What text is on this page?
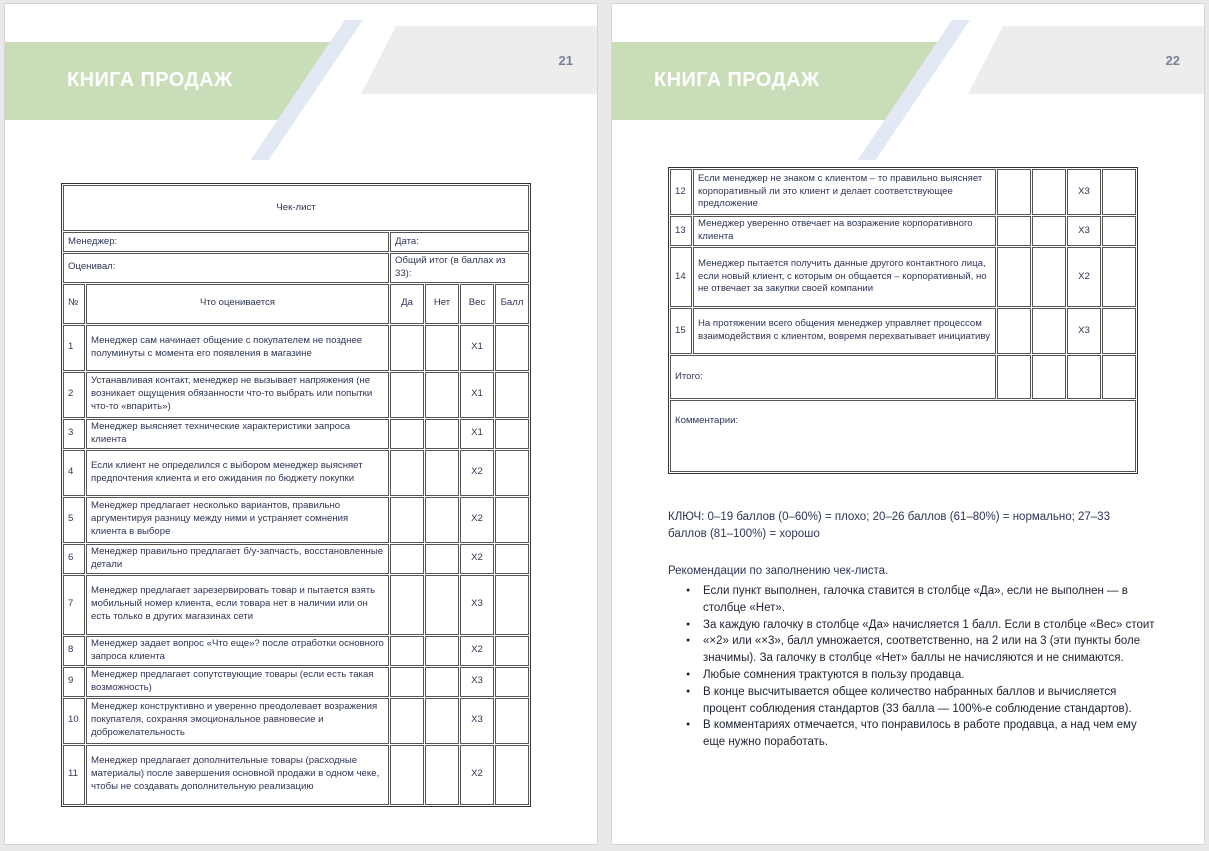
КНИГА ПРОДАЖ
21
Чек-лист					
Менеджер:		Дата:			
Оценивал:		Общий итог (в баллах из 33):			
№	Что оценивается	Да	Нет	Вес	Балл
1	Менеджер сам начинает общение с покупателем не позднее полуминуты с момента его появления в магазине			Х1	
2	Устанавливая контакт, менеджер не вызывает напряжения (не возникает ощущения обязанности что-то выбрать или попытки что-то «впарить»)			Х1	
3	Менеджер выясняет технические характеристики запроса клиента			Х1	
4	Если клиент не определился с выбором менеджер выясняет предпочтения клиента и его ожидания по бюджету покупки			Х2	
5	Менеджер предлагает несколько вариантов, правильно аргументируя разницу между ними и устраняет сомнения клиента в выборе			Х2	
6	Менеджер правильно предлагает б/у-запчасть, восстановленные детали			Х2	
7	Менеджер предлагает зарезервировать товар и пытается взять мобильный номер клиента, если товара нет в наличии или он есть только в других магазинах сети			Х3	
8	Менеджер задает вопрос «Что еще»? после отработки основного запроса клиента			Х2	
9	Менеджер предлагает сопутствующие товары (если есть такая возможность)			Х3	
10	Менеджер конструктивно и уверенно преодолевает возражения покупателя, сохраняя эмоциональное равновесие и доброжелательность			Х3	
11	Менеджер предлагает дополнительные товары (расходные материалы) после завершения основной продажи в одном чеке, чтобы не создавать дополнительную реализацию			Х2	
КНИГА ПРОДАЖ
22
12	Если менеджер не знаком с клиентом – то правильно выясняет корпоративный ли это клиент и делает соответствующее предложение			Х3	
13	Менеджер уверенно отвечает на возражение корпоративного клиента			Х3	
14	Менеджер пытается получить данные другого контактного лица, если новый клиент, с которым он общается – корпоративный, но не отвечает за закупки своей компании			Х2	
15	На протяжении всего общения менеджер управляет процессом взаимодействия с клиентом, вовремя перехватывает инициативу			Х3	
Итого:					
Комментарии:					
КЛЮЧ: 0–19 баллов (0–60%) = плохо; 20–26 баллов (61–80%) = нормально; 27–33 баллов (81–100%) = хорошо
Рекомендации по заполнению чек-листа.
● Если пункт выполнен, галочка ставится в столбце «Да», если не выполнен — в столбце «Нет».
● За каждую галочку в столбце «Да» начисляется 1 балл. Если в столбце «Вес» стоит
● «×2» или «×3», балл умножается, соответственно, на 2 или на 3 (эти пункты боле значимы). За галочку в столбце «Нет» баллы не начисляются и не снимаются.
● Любые сомнения трактуются в пользу продавца.
● В конце высчитывается общее количество набранных баллов и вычисляется процент соблюдения стандартов (33 балла — 100%-е соблюдение стандартов).
● В комментариях отмечается, что понравилось в работе продавца, а над чем ему еще нужно поработать.
